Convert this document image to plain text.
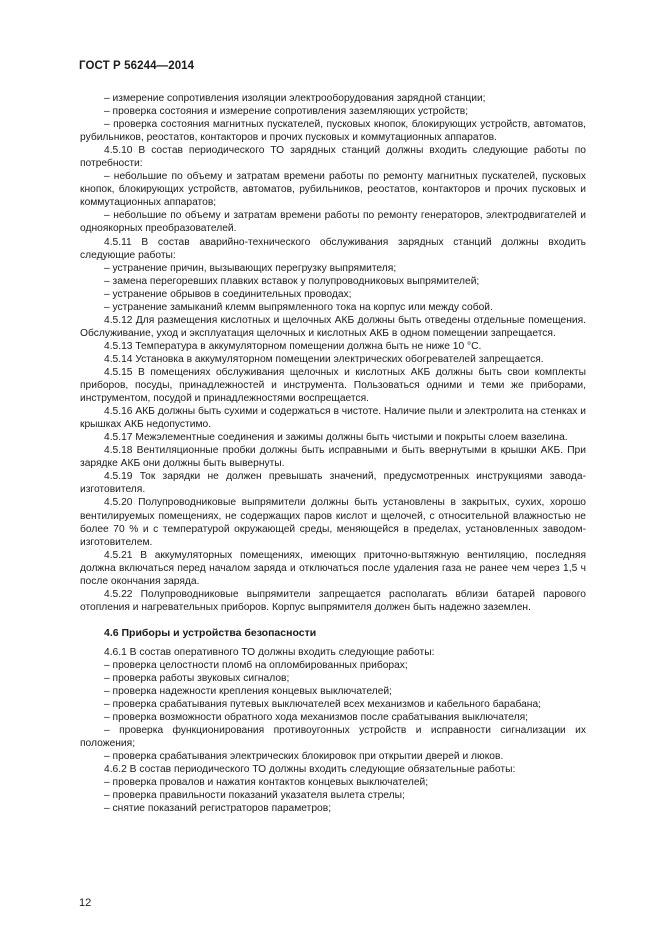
ГОСТ Р 56244—2014

– измерение сопротивления изоляции электрооборудования зарядной станции;

– проверка состояния и измерение сопротивления заземляющих устройств;

– проверка состояния магнитных пускателей, пусковых кнопок, блокирующих устройств, автоматов, рубильников, реостатов, контакторов и прочих пусковых и коммутационных аппаратов.

4.5.10 В состав периодического ТО зарядных станций должны входить следующие работы по потребности:

– небольшие по объему и затратам времени работы по ремонту магнитных пускателей, пусковых кнопок, блокирующих устройств, автоматов, рубильников, реостатов, контакторов и прочих пусковых и коммутационных аппаратов;

– небольшие по объему и затратам времени работы по ремонту генераторов, электродвигателей и одноякорных преобразователей.

4.5.11 В состав аварийно-технического обслуживания зарядных станций должны входить следующие работы:

– устранение причин, вызывающих перегрузку выпрямителя;

– замена перегоревших плавких вставок у полупроводниковых выпрямителей;

– устранение обрывов в соединительных проводах;

– устранение замыканий клемм выпрямленного тока на корпус или между собой.

4.5.12 Для размещения кислотных и щелочных АКБ должны быть отведены отдельные помещения. Обслуживание, уход и эксплуатация щелочных и кислотных АКБ в одном помещении запрещается.

4.5.13 Температура в аккумуляторном помещении должна быть не ниже 10 °С.

4.5.14 Установка в аккумуляторном помещении электрических обогревателей запрещается.

4.5.15 В помещениях обслуживания щелочных и кислотных АКБ должны быть свои комплекты приборов, посуды, принадлежностей и инструмента. Пользоваться одними и теми же приборами, инструментом, посудой и принадлежностями воспрещается.

4.5.16 АКБ должны быть сухими и содержаться в чистоте. Наличие пыли и электролита на стенках и крышках АКБ недопустимо.

4.5.17 Межэлементные соединения и зажимы должны быть чистыми и покрыты слоем вазелина.

4.5.18 Вентиляционные пробки должны быть исправными и быть ввернутыми в крышки АКБ. При зарядке АКБ они должны быть вывернуты.

4.5.19 Ток зарядки не должен превышать значений, предусмотренных инструкциями завода-изготовителя.

4.5.20 Полупроводниковые выпрямители должны быть установлены в закрытых, сухих, хорошо вентилируемых помещениях, не содержащих паров кислот и щелочей, с относительной влажностью не более 70 % и с температурой окружающей среды, меняющейся в пределах, установленных заводом-изготовителем.

4.5.21 В аккумуляторных помещениях, имеющих приточно-вытяжную вентиляцию, последняя должна включаться перед началом заряда и отключаться после удаления газа не ранее чем через 1,5 ч после окончания заряда.

4.5.22 Полупроводниковые выпрямители запрещается располагать вблизи батарей парового отопления и нагревательных приборов. Корпус выпрямителя должен быть надежно заземлен.

4.6 Приборы и устройства безопасности

4.6.1 В состав оперативного ТО должны входить следующие работы:

– проверка целостности пломб на опломбированных приборах;

– проверка работы звуковых сигналов;

– проверка надежности крепления концевых выключателей;

– проверка срабатывания путевых выключателей всех механизмов и кабельного барабана;

– проверка возможности обратного хода механизмов после срабатывания выключателя;

– проверка функционирования противоугонных устройств и исправности сигнализации их положения;

– проверка срабатывания электрических блокировок при открытии дверей и люков.

4.6.2 В состав периодического ТО должны входить следующие обязательные работы:

– проверка провалов и нажатия контактов концевых выключателей;

– проверка правильности показаний указателя вылета стрелы;

– снятие показаний регистраторов параметров;

12
